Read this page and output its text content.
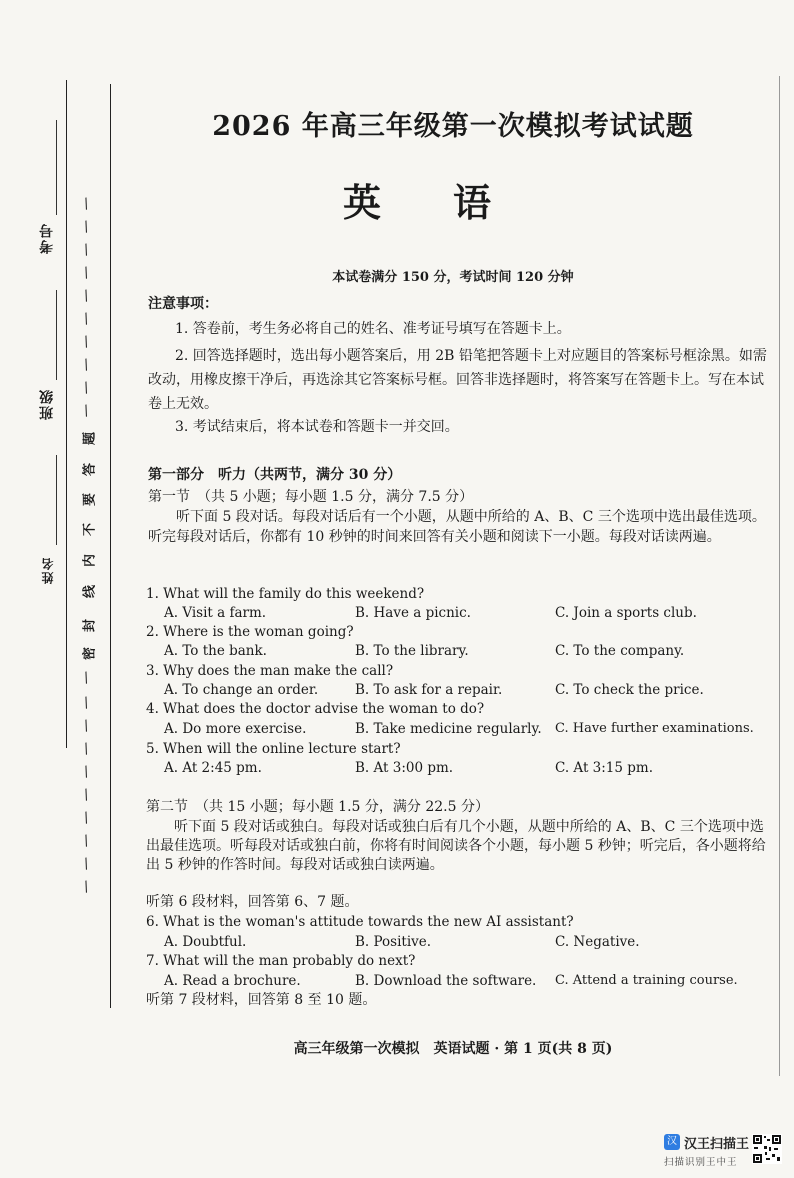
考号
班级
姓名
题
答
要
不
内
线
封
密
/
/
/
/
/
/
/
/
/
/
/
/
/
/
/
/
/
/
/
/
2026 年高三年级第一次模拟考试试题
英语
本试卷满分 150 分，考试时间 120 分钟
注意事项：
1. 答卷前，考生务必将自己的姓名、准考证号填写在答题卡上。
2. 回答选择题时，选出每小题答案后，用 2B 铅笔把答题卡上对应题目的答案标号框涂黑。如需改动，用橡皮擦干净后，再选涂其它答案标号框。回答非选择题时，将答案写在答题卡上。写在本试卷上无效。
3. 考试结束后，将本试卷和答题卡一并交回。
第一部分　听力（共两节，满分 30 分）
第一节　（共 5 小题；每小题 1.5 分，满分 7.5 分）
听下面 5 段对话。每段对话后有一个小题，从题中所给的 A、B、C 三个选项中选出最佳选项。听完每段对话后，你都有 10 秒钟的时间来回答有关小题和阅读下一小题。每段对话读两遍。
1. What will the family do this weekend?
A. Visit a farm.	B. Have a picnic.	C. Join a sports club.
2. Where is the woman going?
A. To the bank.	B. To the library.	C. To the company.
3. Why does the man make the call?
A. To change an order.	B. To ask for a repair.	C. To check the price.
4. What does the doctor advise the woman to do?
A. Do more exercise.	B. Take medicine regularly. C. Have further examinations.
5. When will the online lecture start?
A. At 2:45 pm.	B. At 3:00 pm.	C. At 3:15 pm.
第二节　（共 15 小题；每小题 1.5 分，满分 22.5 分）
听下面 5 段对话或独白。每段对话或独白后有几个小题，从题中所给的 A、B、C 三个选项中选出最佳选项。听每段对话或独白前，你将有时间阅读各个小题，每小题 5 秒钟；听完后，各小题将给出 5 秒钟的作答时间。每段对话或独白读两遍。
听第 6 段材料，回答第 6、7 题。
6. What is the woman's attitude towards the new AI assistant?
A. Doubtful.	B. Positive.	C. Negative.
7. What will the man probably do next?
A. Read a brochure.	B. Download the software. C. Attend a training course.
听第 7 段材料，回答第 8 至 10 题。
高三年级第一次模拟　英语试题 · 第 1 页(共 8 页)
汉 汉王扫描王
扫描识别王中王
